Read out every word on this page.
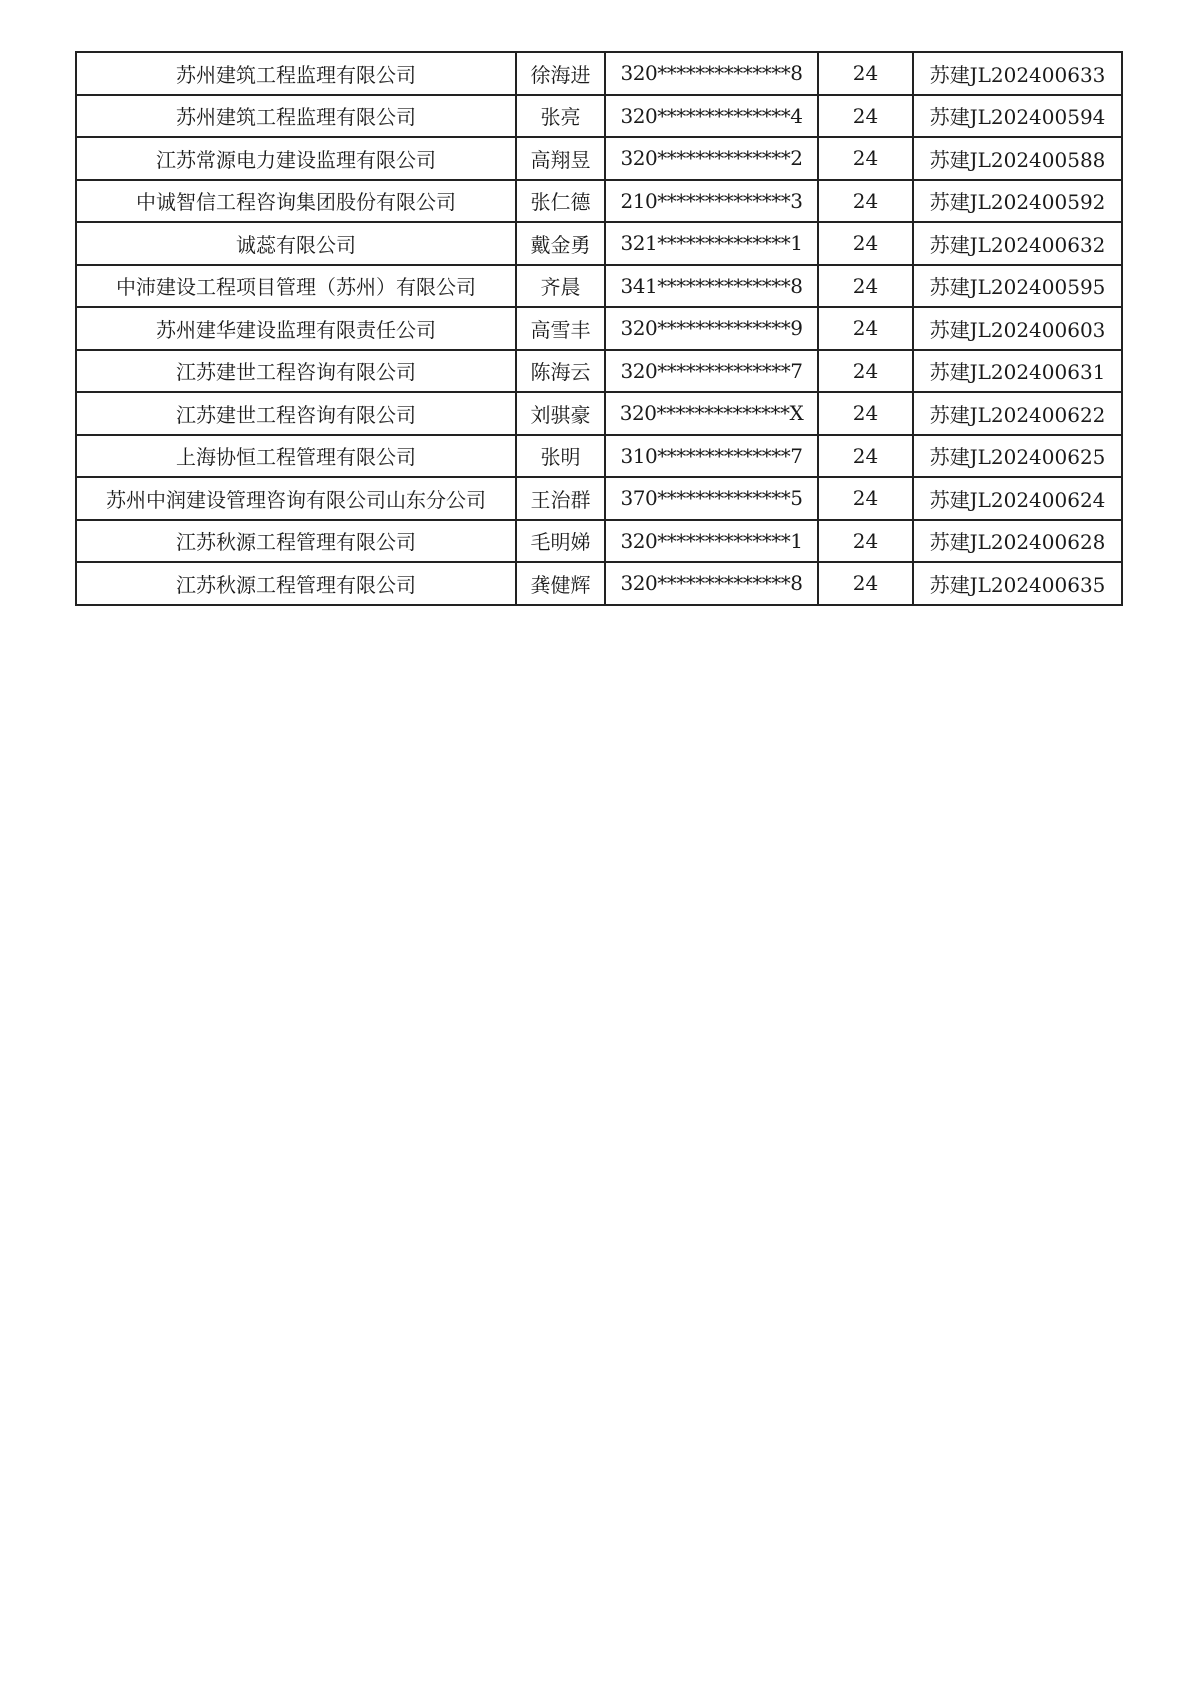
苏州建筑工程监理有限公司	徐海进	320**************8	24	苏建JL202400633
苏州建筑工程监理有限公司	张亮	320**************4	24	苏建JL202400594
江苏常源电力建设监理有限公司	高翔昱	320**************2	24	苏建JL202400588
中诚智信工程咨询集团股份有限公司	张仁德	210**************3	24	苏建JL202400592
诚蕊有限公司	戴金勇	321**************1	24	苏建JL202400632
中沛建设工程项目管理（苏州）有限公司	齐晨	341**************8	24	苏建JL202400595
苏州建华建设监理有限责任公司	高雪丰	320**************9	24	苏建JL202400603
江苏建世工程咨询有限公司	陈海云	320**************7	24	苏建JL202400631
江苏建世工程咨询有限公司	刘骐豪	320**************X	24	苏建JL202400622
上海协恒工程管理有限公司	张明	310**************7	24	苏建JL202400625
苏州中润建设管理咨询有限公司山东分公司	王治群	370**************5	24	苏建JL202400624
江苏秋源工程管理有限公司	毛明娣	320**************1	24	苏建JL202400628
江苏秋源工程管理有限公司	龚健辉	320**************8	24	苏建JL202400635
